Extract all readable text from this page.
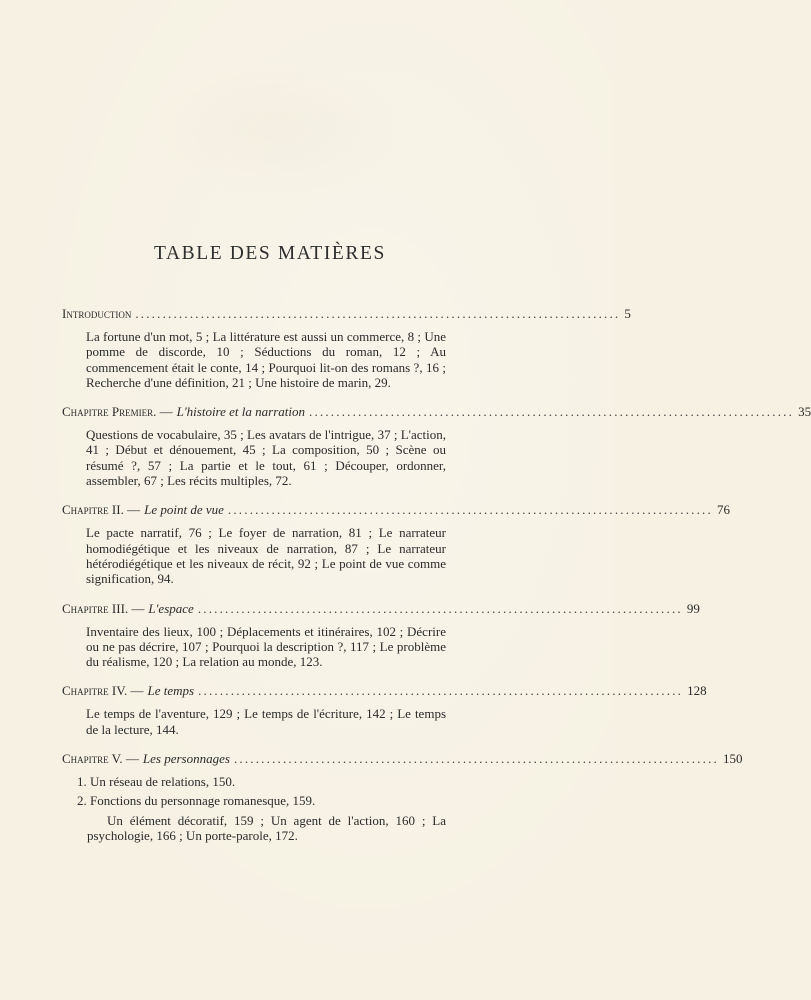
TABLE DES MATIÈRES
Introduction ......................................................................................... 5
La fortune d'un mot, 5 ; La littérature est aussi un commerce, 8 ; Une pomme de discorde, 10 ; Séductions du roman, 12 ; Au commencement était le conte, 14 ; Pourquoi lit-on des romans ?, 16 ; Recherche d'une définition, 21 ; Une histoire de marin, 29.
Chapitre Premier. — L'histoire et la narration ......................................................................................... 35
Questions de vocabulaire, 35 ; Les avatars de l'intrigue, 37 ; L'action, 41 ; Début et dénouement, 45 ; La composition, 50 ; Scène ou résumé ?, 57 ; La partie et le tout, 61 ; Découper, ordonner, assembler, 67 ; Les récits multiples, 72.
Chapitre II. — Le point de vue ......................................................................................... 76
Le pacte narratif, 76 ; Le foyer de narration, 81 ; Le narrateur homodiégétique et les niveaux de narration, 87 ; Le narrateur hétérodiégétique et les niveaux de récit, 92 ; Le point de vue comme signification, 94.
Chapitre III. — L'espace ......................................................................................... 99
Inventaire des lieux, 100 ; Déplacements et itinéraires, 102 ; Décrire ou ne pas décrire, 107 ; Pourquoi la description ?, 117 ; Le problème du réalisme, 120 ; La relation au monde, 123.
Chapitre IV. — Le temps ......................................................................................... 128
Le temps de l'aventure, 129 ; Le temps de l'écriture, 142 ; Le temps de la lecture, 144.
Chapitre V. — Les personnages ......................................................................................... 150
1. Un réseau de relations, 150.
2. Fonctions du personnage romanesque, 159.
Un élément décoratif, 159 ; Un agent de l'action, 160 ; La psychologie, 166 ; Un porte-parole, 172.
